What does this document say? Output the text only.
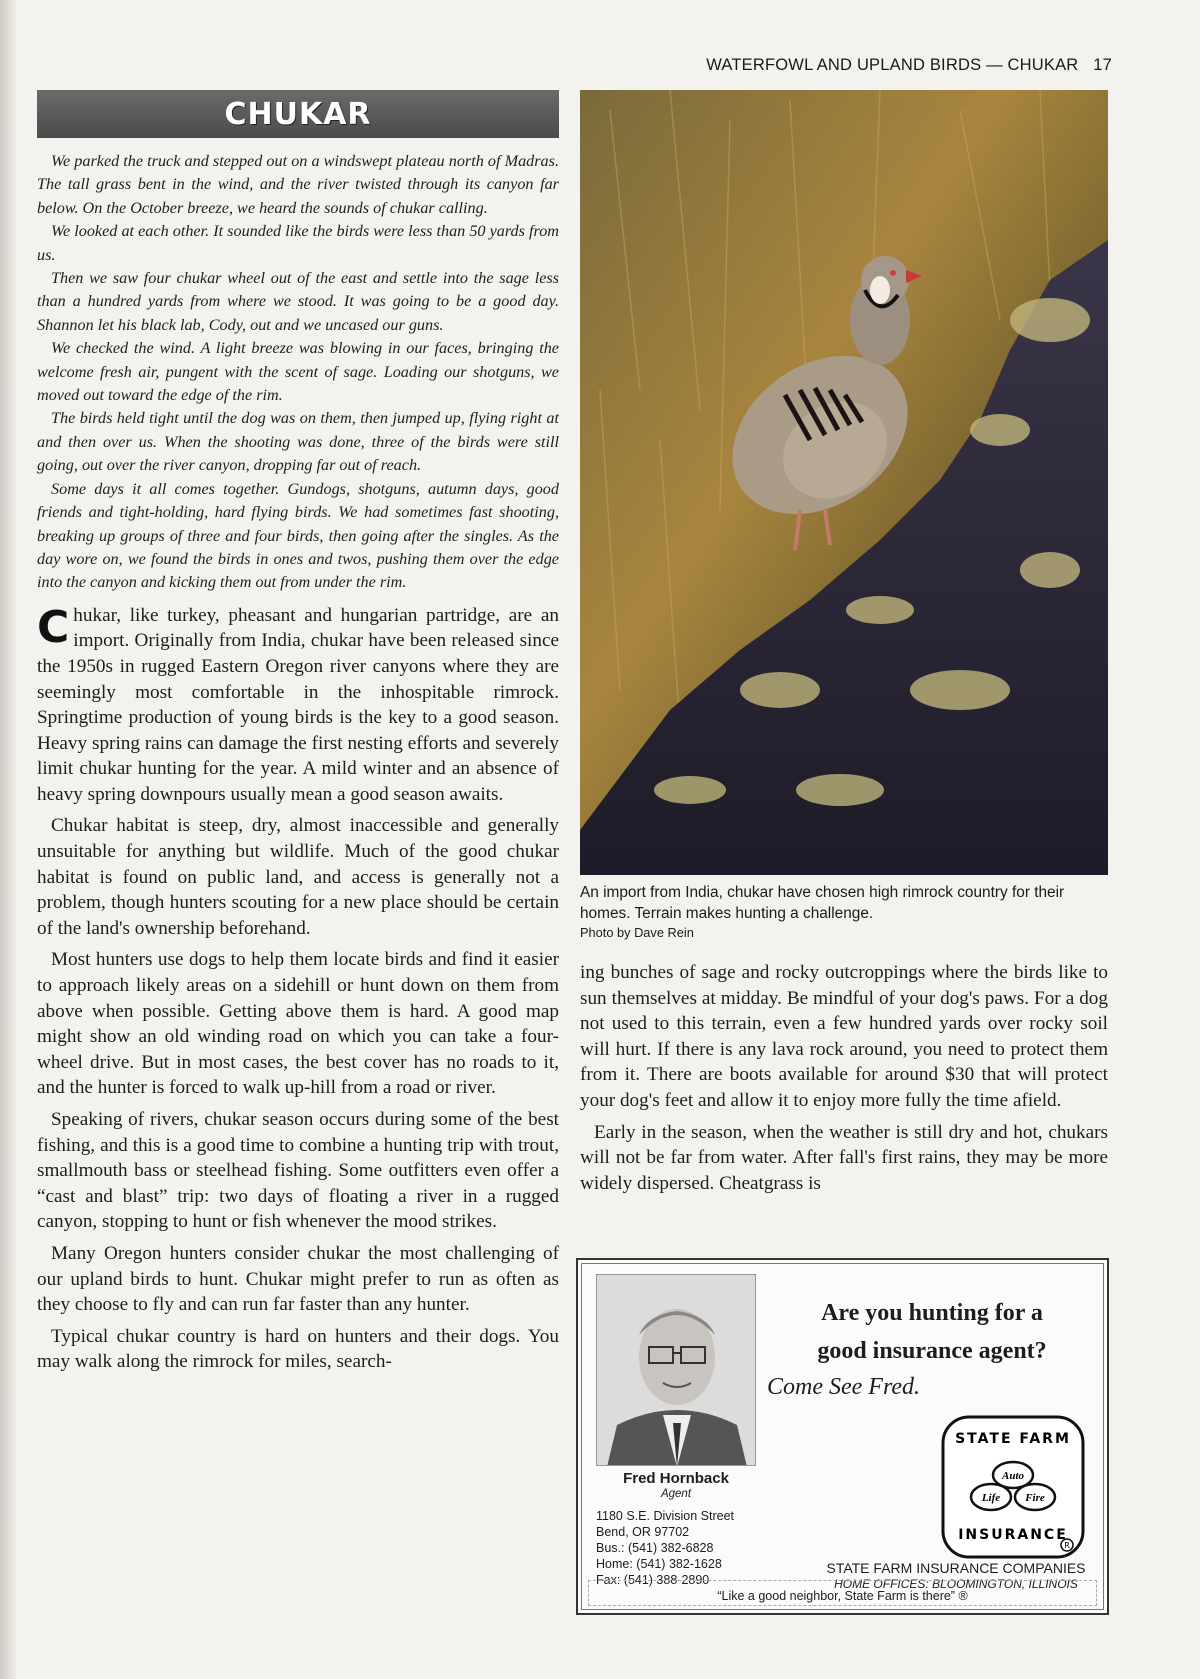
WATERFOWL AND UPLAND BIRDS — CHUKAR 17
CHUKAR

We parked the truck and stepped out on a windswept plateau north of Madras. The tall grass bent in the wind, and the river twisted through its canyon far below. On the October breeze, we heard the sounds of chukar calling.

We looked at each other. It sounded like the birds were less than 50 yards from us.

Then we saw four chukar wheel out of the east and settle into the sage less than a hundred yards from where we stood. It was going to be a good day. Shannon let his black lab, Cody, out and we uncased our guns.

We checked the wind. A light breeze was blowing in our faces, bringing the welcome fresh air, pungent with the scent of sage. Loading our shotguns, we moved out toward the edge of the rim.

The birds held tight until the dog was on them, then jumped up, flying right at and then over us. When the shooting was done, three of the birds were still going, out over the river canyon, dropping far out of reach.

Some days it all comes together. Gundogs, shotguns, autumn days, good friends and tight-holding, hard flying birds. We had sometimes fast shooting, breaking up groups of three and four birds, then going after the singles. As the day wore on, we found the birds in ones and twos, pushing them over the edge into the canyon and kicking them out from under the rim.

Chukar, like turkey, pheasant and hungarian partridge, are an import. Originally from India, chukar have been released since the 1950s in rugged Eastern Oregon river canyons where they are seemingly most comfortable in the inhospitable rimrock. Springtime production of young birds is the key to a good season. Heavy spring rains can damage the first nesting efforts and severely limit chukar hunting for the year. A mild winter and an absence of heavy spring downpours usually mean a good season awaits.

Chukar habitat is steep, dry, almost inaccessible and generally unsuitable for anything but wildlife. Much of the good chukar habitat is found on public land, and access is generally not a problem, though hunters scouting for a new place should be certain of the land's ownership beforehand.

Most hunters use dogs to help them locate birds and find it easier to approach likely areas on a sidehill or hunt down on them from above when possible. Getting above them is hard. A good map might show an old winding road on which you can take a four-wheel drive. But in most cases, the best cover has no roads to it, and the hunter is forced to walk up-hill from a road or river.

Speaking of rivers, chukar season occurs during some of the best fishing, and this is a good time to combine a hunting trip with trout, smallmouth bass or steelhead fishing. Some outfitters even offer a “cast and blast” trip: two days of floating a river in a rugged canyon, stopping to hunt or fish whenever the mood strikes.

Many Oregon hunters consider chukar the most challenging of our upland birds to hunt. Chukar might prefer to run as often as they choose to fly and can run far faster than any hunter.

Typical chukar country is hard on hunters and their dogs. You may walk along the rimrock for miles, search-

An import from India, chukar have chosen high rimrock country for their homes. Terrain makes hunting a challenge.
Photo by Dave Rein

ing bunches of sage and rocky outcroppings where the birds like to sun themselves at midday. Be mindful of your dog's paws. For a dog not used to this terrain, even a few hundred yards over rocky soil will hurt. If there is any lava rock around, you need to protect them from it. There are boots available for around $30 that will protect your dog's feet and allow it to enjoy more fully the time afield.

Early in the season, when the weather is still dry and hot, chukars will not be far from water. After fall's first rains, they may be more widely dispersed. Cheatgrass is

Fred Hornback
Agent
1180 S.E. Division Street
Bend, OR 97702
Bus.: (541) 382-6828
Home: (541) 382-1628
Fax: (541) 388-2890
Are you hunting for a
good insurance agent?
Come See Fred.
STATE FARM
Auto
Life Fire
INSURANCE
R
STATE FARM INSURANCE COMPANIES
HOME OFFICES: BLOOMINGTON, ILLINOIS
“Like a good neighbor, State Farm is there” ®
